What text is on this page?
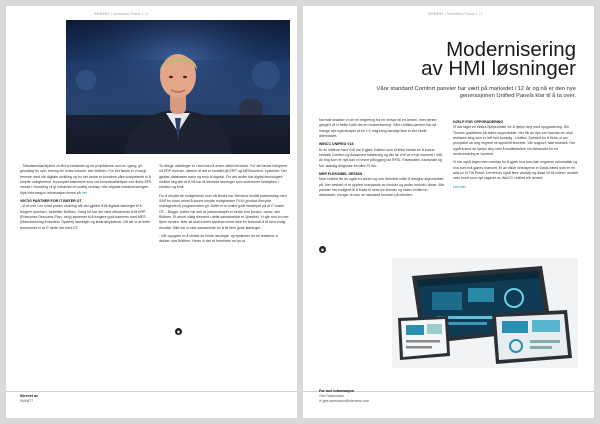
SIEMENS | Innovation Focus 1 | 1

- Tilbudsmedarbejdere vil få fra markedet og de projektteme som er i gang, gir grundlag for opti- mering for norsk industri, sier Bölthen. For det første er vi langt fremme med vår digitale utvikling og for det andre er bundene våre kompetente til å utnytte mulighetene. Konseptet kalenteret som var hovedkvalitetsper ved årets SPS messe i Nürnberg vil gi industrien et kraftig verktøy i den digitale transformeringen. Mye informasjon informasjon finnes på her

VIKTIG PARTNER FOR IT BØTER OT

- Vi er mer i en svart positiv utvikling når det gjelder å få digitale løsninger til å fungere sammen, fortsetter Bölthen. I lang tid har det vært utfordrende å få ERP (Enterprise Resource Plan- ning) systemer til å fungere godt sammen med MES (Manufacturing Execution System) løsninger og kontrollsystemer. Nå ser vi at dette fenomenet er at IT dette har med OT.

To viktige utviklinger er i fant med å endre dette forholdet. For det første integrerer nå ERP leveran- dørene at det er forståtil på ERP og MES/kontroll- systemet. Det gjelder databases natur og bruk til digetal. For det andre har digital teknologien utviklet seg slik at vi nå har få tekniske løsninger som overvinner forskjellen i struktur og bruk.

For å utnytte de mulighetene som nå finnes har Siemens innrått partnerskap med SAP for blant annet å kunne utnytte mulighetene PLM (product lifecycle management) programvaren gir. Dette er et svært godt eksempel på at IT møter OT. - Begge- parter har sett at partnerskapet er bedre enn konkur- ranse, sier Bölthen. Et annet viktig element i dette samarbeidet er Spesikel. Vi går mot en mer åpen verden. Nær alt skal kobles sammen kreer ikke en konnotat å få best mulig resultat. Slikt har vi skal samarbeide for å få frem gode løsninger.

- Vår oppgave er å utvikle de beste løsninger og systemer for de tekstene vi dekker, sier Bölthen. Hvem vi det vil fremtiden se lys ut.

◉
Skrevet av
WAWI77
SIEMENS | Innovation Focus 1 | 1
Modernisering
av HMI løsninger
Våre standard Comfort paneler har vært på markedet i 12 år og nå er den nye generasjonen Unified Panels klar til å ta over.

Normalt snakker vi om en migrering fra en versjon til en annen, men denne gangen vil vi heller kalle det en modernisering. Våre Unified paneler har så mange nye egenskaper at en 1:1 migrering kanskje ikke er det beste alternativet.

WINCC UNIFIED V18

Et av målene med V18 var å gjøre hullene som Unified hadde for å kunne erstatte Comfort og Advanced fullstendig og det tar vi til at vi har kommet i mål. Av ting som er nytt kan vi nevne pålogging via RFID, Faceplates i faceplate og full- standig diagnose fra våre PLSer.

MER FLEKSIBEL DESIGN

Med Unified får du også en annen og mer fleksibel måte å designe skjermbilder på. Her beskrer vi et opprett hverdande av vinduer og andre innhold i disse. Alle paneler har mulighet til å kople til nesd tre klienter og siden Unified er webbasert, trenger du kun en standard browser på klienten.

◉

HJELP FOR OPPGRADERING

Vi har laget en ekstra hjelpemidler for å hjelpe deg med oppgradering. Din Tomner guidelines på siden supportsider. Her får du tips om hvordan en skal realisere tang som er lett helt fondplig - Unified. Spesielt for å finne ut om prosjektet lar seg migrere vil oppskrift shortest. Vår support- side bisedes. Her også kunne du hjelpe deg med å kvalitetssikre om fabvarslet for en modernisering er kommet.

Vi har også laget noen verktøy for å gjøre hva som kan migreres automatisk og hva som må gjøres manuelt. Et av disse verktøyene er DataUnified som er en add-on til TIA Portal. Det finnes også flere verktøy og disse vil bli videre- utviklet etter hvert som nye utgaver av WinCC Unified blir lansert.

Les mer

For mer informasjon
Geir Rasmussen
✉ geir.rasmussen@siemens.com
